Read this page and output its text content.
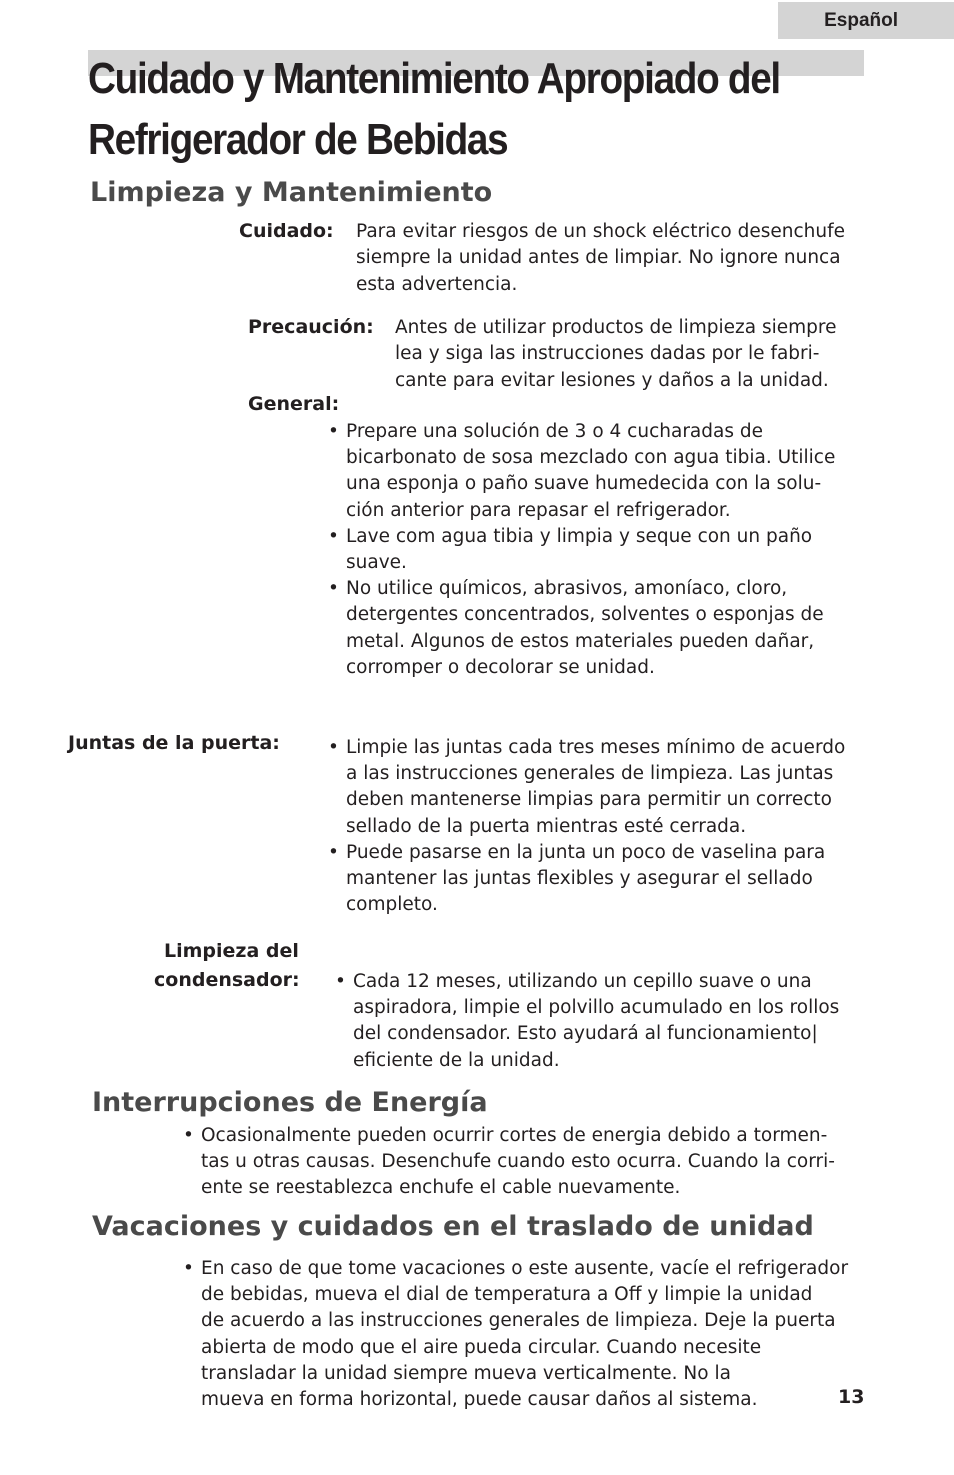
Español
Cuidado y Mantenimiento Apropiado del
Refrigerador de Bebidas
Limpieza y Mantenimiento
Cuidado: Para evitar riesgos de un shock eléctrico desenchufe
siempre la unidad antes de limpiar. No ignore nunca
esta advertencia.
Precaución: Antes de utilizar productos de limpieza siempre
lea y siga las instrucciones dadas por le fabri-
cante para evitar lesiones y daños a la unidad.
General:
• Prepare una solución de 3 o 4 cucharadas de
bicarbonato de sosa mezclado con agua tibia. Utilice
una esponja o paño suave humedecida con la solu-
ción anterior para repasar el refrigerador.
• Lave com agua tibia y limpia y seque con un paño
suave.
• No utilice químicos, abrasivos, amoníaco, cloro,
detergentes concentrados, solventes o esponjas de
metal. Algunos de estos materiales pueden dañar,
corromper o decolorar se unidad.
Juntas de la puerta:	• Limpie las juntas cada tres meses mínimo de acuerdo
a las instrucciones generales de limpieza. Las juntas
deben mantenerse limpias para permitir un correcto
sellado de la puerta mientras esté cerrada.
• Puede pasarse en la junta un poco de vaselina para
mantener las juntas flexibles y asegurar el sellado
completo.
Limpieza del
condensador: • Cada 12 meses, utilizando un cepillo suave o una
aspiradora, limpie el polvillo acumulado en los rollos
del condensador. Esto ayudará al funcionamiento|
eficiente de la unidad.
Interrupciones de Energía
• Ocasionalmente pueden ocurrir cortes de energia debido a tormen-
tas u otras causas. Desenchufe cuando esto ocurra. Cuando la corri-
ente se reestablezca enchufe el cable nuevamente.
Vacaciones y cuidados en el traslado de unidad
• En caso de que tome vacaciones o este ausente, vacíe el refrigerador
de bebidas, mueva el dial de temperatura a Off y limpie la unidad
de acuerdo a las instrucciones generales de limpieza. Deje la puerta
abierta de modo que el aire pueda circular. Cuando necesite
transladar la unidad siempre mueva verticalmente. No la
mueva en forma horizontal, puede causar daños al sistema.	13
